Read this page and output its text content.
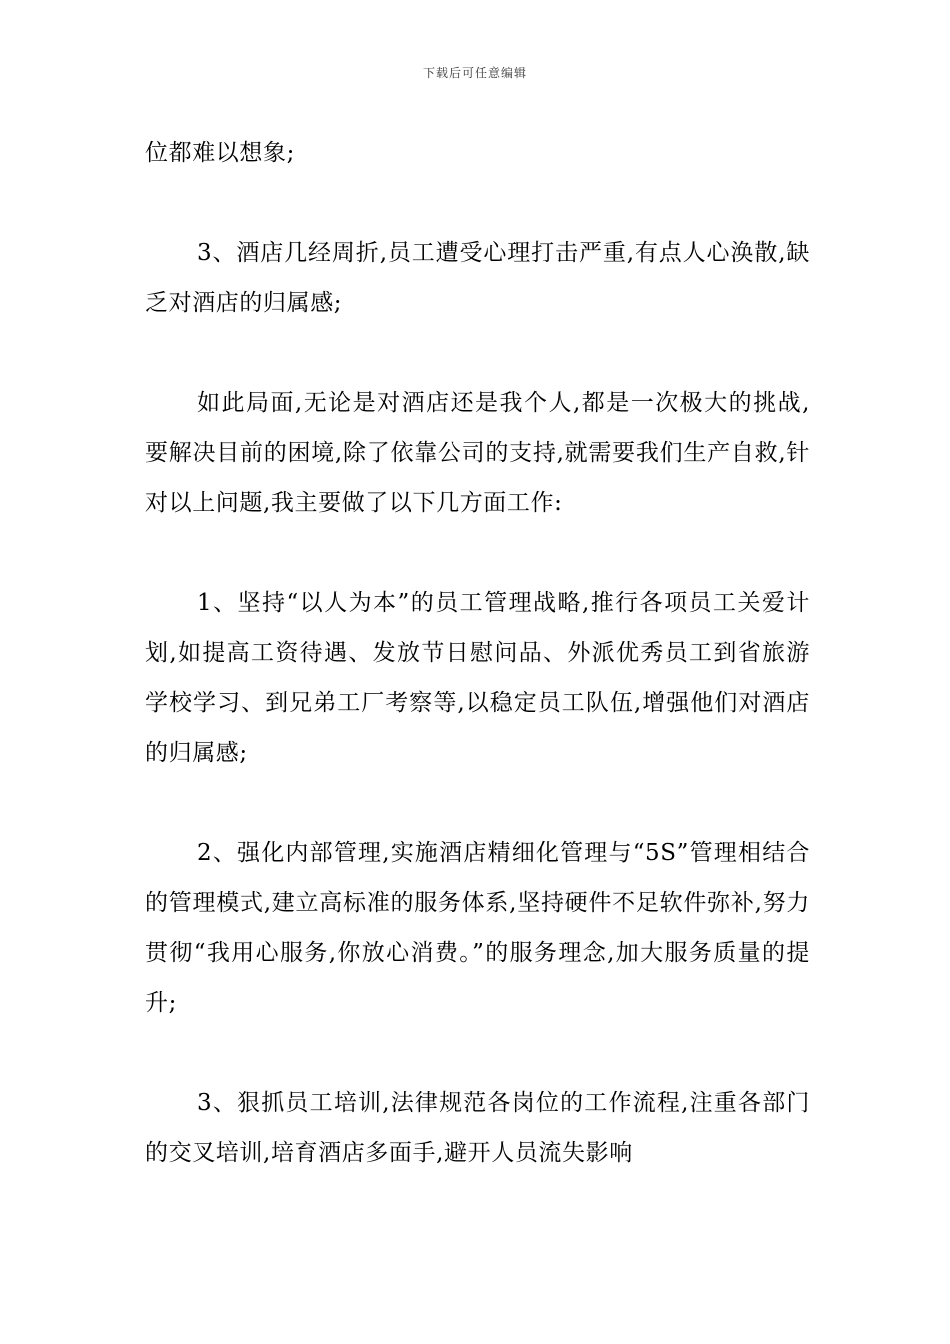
下载后可任意编辑

位都难以想象;

3、酒店几经周折,员工遭受心理打击严重,有点人心涣散,缺乏对酒店的归属感;

如此局面,无论是对酒店还是我个人,都是一次极大的挑战,要解决目前的困境,除了依靠公司的支持,就需要我们生产自救,针对以上问题,我主要做了以下几方面工作:

1、坚持“以人为本”的员工管理战略,推行各项员工关爱计划,如提高工资待遇、发放节日慰问品、外派优秀员工到省旅游学校学习、到兄弟工厂考察等,以稳定员工队伍,增强他们对酒店的归属感;

2、强化内部管理,实施酒店精细化管理与“5S”管理相结合的管理模式,建立高标准的服务体系,坚持硬件不足软件弥补,努力贯彻“我用心服务,你放心消费。”的服务理念,加大服务质量的提升;

3、狠抓员工培训,法律规范各岗位的工作流程,注重各部门的交叉培训,培育酒店多面手,避开人员流失影响
